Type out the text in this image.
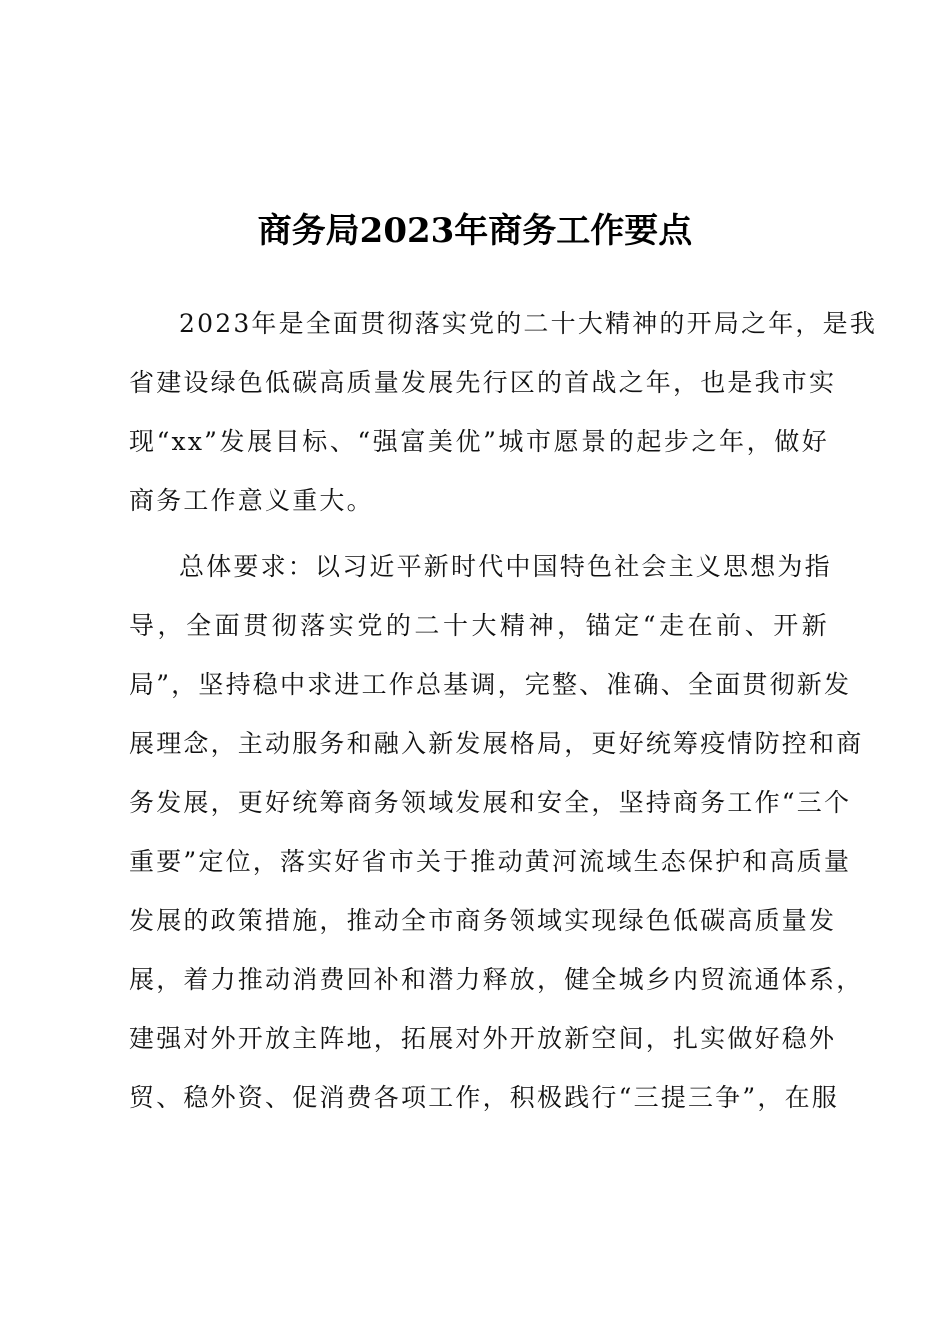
商务局2023年商务工作要点
2023年是全面贯彻落实党的二十大精神的开局之年，是我
省建设绿色低碳高质量发展先行区的首战之年，也是我市实
现“xx”发展目标、“强富美优”城市愿景的起步之年，做好
商务工作意义重大。
总体要求：以习近平新时代中国特色社会主义思想为指
导，全面贯彻落实党的二十大精神，锚定“走在前、开新
局”，坚持稳中求进工作总基调，完整、准确、全面贯彻新发
展理念，主动服务和融入新发展格局，更好统筹疫情防控和商
务发展，更好统筹商务领域发展和安全，坚持商务工作“三个
重要”定位，落实好省市关于推动黄河流域生态保护和高质量
发展的政策措施，推动全市商务领域实现绿色低碳高质量发
展，着力推动消费回补和潜力释放，健全城乡内贸流通体系，
建强对外开放主阵地，拓展对外开放新空间，扎实做好稳外
贸、稳外资、促消费各项工作，积极践行“三提三争”，在服
